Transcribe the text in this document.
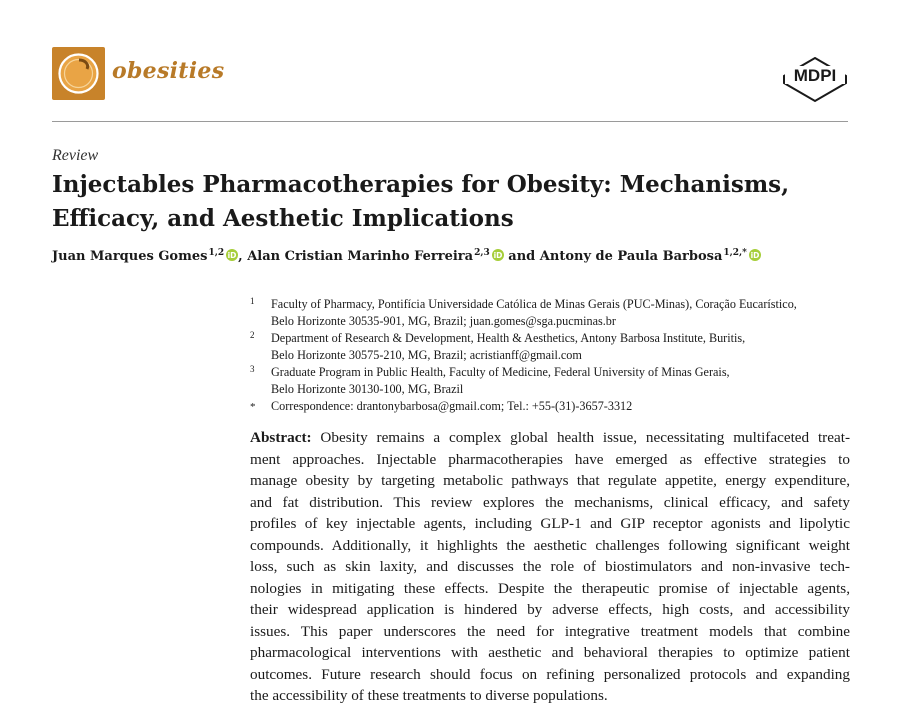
obesities	MDPI
Review
Injectables Pharmacotherapies for Obesity: Mechanisms,
Efficacy, and Aesthetic Implications
Juan Marques Gomes$^{1,2}$ iD , Alan Cristian Marinho Ferreira$^{2,3}$ iD and Antony de Paula Barbosa$^{1,2,*}$ iD
1 Faculty of Pharmacy, Pontifícia Universidade Católica de Minas Gerais (PUC-Minas), Coração Eucarístico,
Belo Horizonte 30535-901, MG, Brazil; juan.gomes@sga.pucminas.br
2 Department of Research & Development, Health & Aesthetics, Antony Barbosa Institute, Buritis,
Belo Horizonte 30575-210, MG, Brazil; acristianff@gmail.com
3 Graduate Program in Public Health, Faculty of Medicine, Federal University of Minas Gerais,
Belo Horizonte 30130-100, MG, Brazil
* Correspondence: drantonybarbosa@gmail.com; Tel.: +55-(31)-3657-3312
Abstract: Obesity remains a complex global health issue, necessitating multifaceted treat-
ment approaches. Injectable pharmacotherapies have emerged as effective strategies to
manage obesity by targeting metabolic pathways that regulate appetite, energy expenditure,
and fat distribution. This review explores the mechanisms, clinical efficacy, and safety
profiles of key injectable agents, including GLP-1 and GIP receptor agonists and lipolytic
compounds. Additionally, it highlights the aesthetic challenges following significant weight
loss, such as skin laxity, and discusses the role of biostimulators and non-invasive tech-
nologies in mitigating these effects. Despite the therapeutic promise of injectable agents,
their widespread application is hindered by adverse effects, high costs, and accessibility
issues. This paper underscores the need for integrative treatment models that combine
pharmacological interventions with aesthetic and behavioral therapies to optimize patient
outcomes. Future research should focus on refining personalized protocols and expanding
the accessibility of these treatments to diverse populations.
